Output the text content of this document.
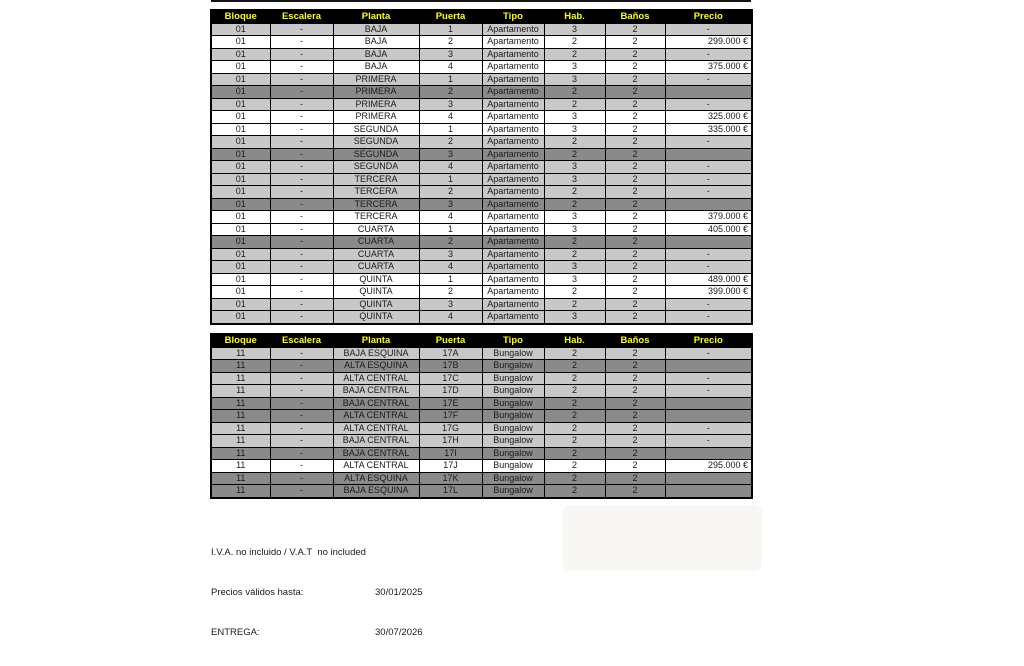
Bloque	Escalera	Planta	Puerta	Tipo	Hab.	Baños	Precio
01	-	BAJA	1	Apartamento	3	2	-
01	-	BAJA	2	Apartamento	2	2	299.000 €
01	-	BAJA	3	Apartamento	2	2	-
01	-	BAJA	4	Apartamento	3	2	375.000 €
01	-	PRIMERA	1	Apartamento	3	2	-
01	-	PRIMERA	2	Apartamento	2	2	
01	-	PRIMERA	3	Apartamento	2	2	-
01	-	PRIMERA	4	Apartamento	3	2	325.000 €
01	-	SEGUNDA	1	Apartamento	3	2	335.000 €
01	-	SEGUNDA	2	Apartamento	2	2	-
01	-	SEGUNDA	3	Apartamento	2	2	
01	-	SEGUNDA	4	Apartamento	3	2	-
01	-	TERCERA	1	Apartamento	3	2	-
01	-	TERCERA	2	Apartamento	2	2	-
01	-	TERCERA	3	Apartamento	2	2	
01	-	TERCERA	4	Apartamento	3	2	379.000 €
01	-	CUARTA	1	Apartamento	3	2	405.000 €
01	-	CUARTA	2	Apartamento	2	2	
01	-	CUARTA	3	Apartamento	2	2	-
01	-	CUARTA	4	Apartamento	3	2	-
01	-	QUINTA	1	Apartamento	3	2	489.000 €
01	-	QUINTA	2	Apartamento	2	2	399.000 €
01	-	QUINTA	3	Apartamento	2	2	-
01	-	QUINTA	4	Apartamento	3	2	-
Bloque	Escalera	Planta	Puerta	Tipo	Hab.	Baños	Precio
11	-	BAJA ESQUINA	17A	Bungalow	2	2	-
11	-	ALTA ESQUINA	17B	Bungalow	2	2	
11	-	ALTA CENTRAL	17C	Bungalow	2	2	-
11	-	BAJA CENTRAL	17D	Bungalow	2	2	-
11	-	BAJA CENTRAL	17E	Bungalow	2	2	
11	-	ALTA CENTRAL	17F	Bungalow	2	2	
11	-	ALTA CENTRAL	17G	Bungalow	2	2	-
11	-	BAJA CENTRAL	17H	Bungalow	2	2	-
11	-	BAJA CENTRAL	17I	Bungalow	2	2	
11	-	ALTA CENTRAL	17J	Bungalow	2	2	295.000 €
11	-	ALTA ESQUINA	17K	Bungalow	2	2	
11	-	BAJA ESQUINA	17L	Bungalow	2	2	

I.V.A. no incluido / V.A.T  no included

Precios válidos hasta:	30/01/2025

ENTREGA:	30/07/2026
